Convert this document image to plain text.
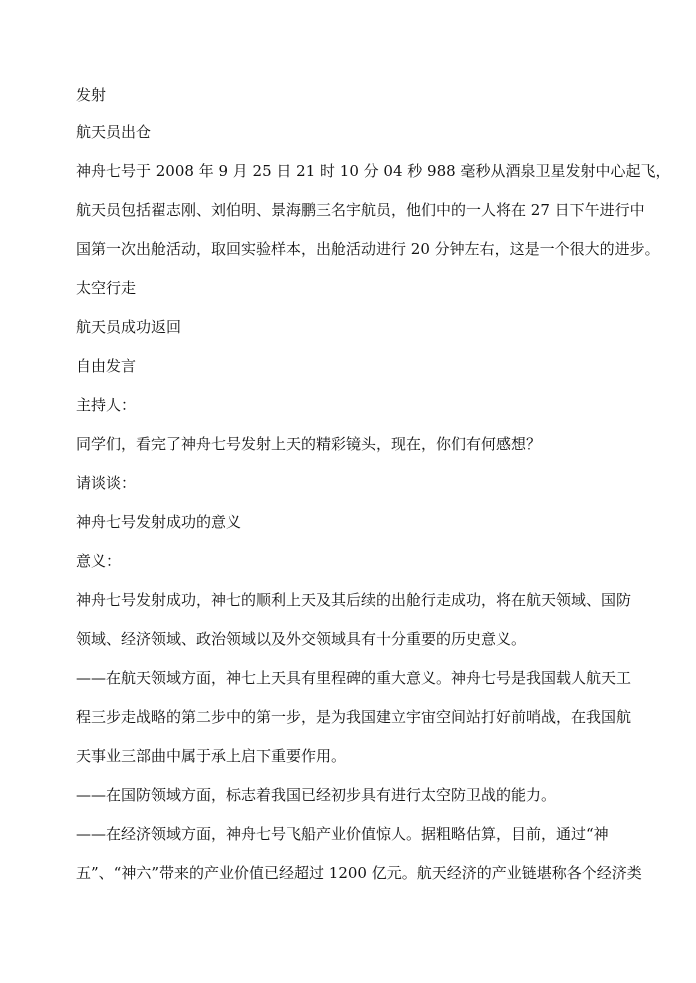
发射
航天员出仓
神舟七号于 2008 年 9 月 25 日 21 时 10 分 04 秒 988 毫秒从酒泉卫星发射中心起飞，
航天员包括翟志刚、刘伯明、景海鹏三名宇航员，他们中的一人将在 27 日下午进行中
国第一次出舱活动，取回实验样本，出舱活动进行 20 分钟左右，这是一个很大的进步。
太空行走
航天员成功返回
自由发言
主持人：
同学们，看完了神舟七号发射上天的精彩镜头，现在，你们有何感想？
请谈谈：
神舟七号发射成功的意义
意义：
神舟七号发射成功，神七的顺利上天及其后续的出舱行走成功，将在航天领域、国防
领域、经济领域、政治领域以及外交领域具有十分重要的历史意义。
——在航天领域方面，神七上天具有里程碑的重大意义。神舟七号是我国载人航天工
程三步走战略的第二步中的第一步，是为我国建立宇宙空间站打好前哨战，在我国航
天事业三部曲中属于承上启下重要作用。
——在国防领域方面，标志着我国已经初步具有进行太空防卫战的能力。
——在经济领域方面，神舟七号飞船产业价值惊人。据粗略估算，目前，通过“神
五”、“神六”带来的产业价值已经超过 1200 亿元。航天经济的产业链堪称各个经济类
